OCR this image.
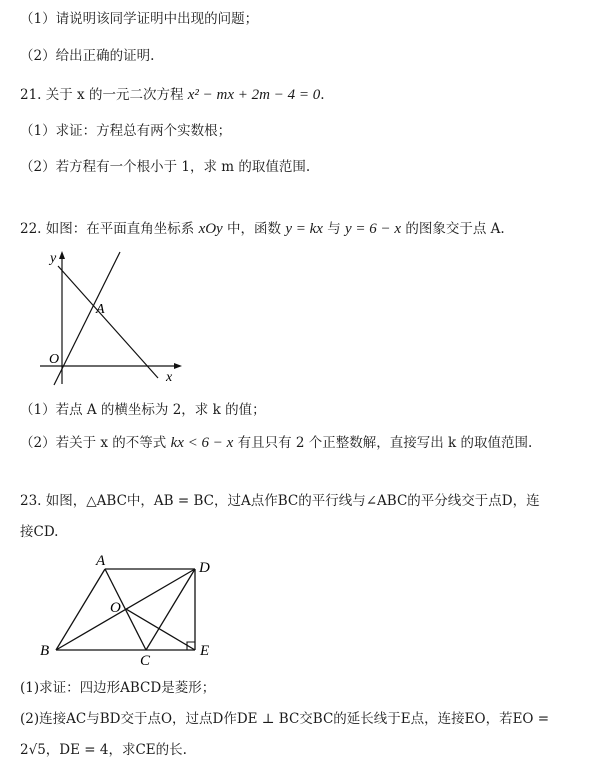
（1）请说明该同学证明中出现的问题；
（2）给出正确的证明.
21. 关于 x 的一元二次方程 x² − mx + 2m − 4 = 0.
（1）求证：方程总有两个实数根；
（2）若方程有一个根小于 1，求 m 的取值范围.
22. 如图：在平面直角坐标系 xOy 中，函数 y = kx 与 y = 6 − x 的图象交于点 A.
y
x
O
A
（1）若点 A 的横坐标为 2，求 k 的值；
（2）若关于 x 的不等式 kx < 6 − x 有且只有 2 个正整数解，直接写出 k 的取值范围.
23. 如图，△ABC中，AB = BC，过A点作BC的平行线与∠ABC的平分线交于点D，连
接CD.
A	D
O
B
C
E
(1)求证：四边形ABCD是菱形；
(2)连接AC与BD交于点O，过点D作DE ⊥ BC交BC的延长线于E点，连接EO，若EO =
2√5，DE = 4，求CE的长.
